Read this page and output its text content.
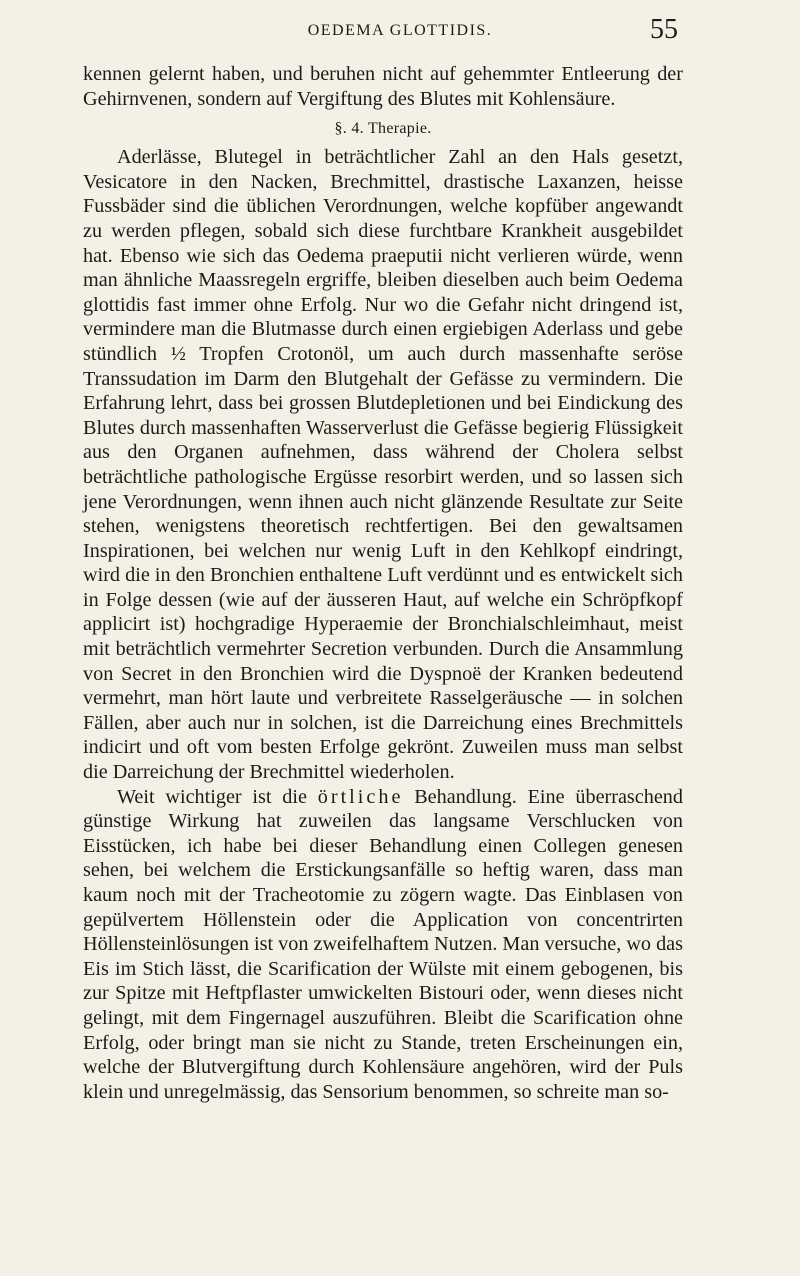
OEDEMA GLOTTIDIS.	55

kennen gelernt haben, und beruhen nicht auf gehemmter Entleerung der Gehirnvenen, sondern auf Vergiftung des Blutes mit Kohlensäure.

§. 4. Therapie.

Aderlässe, Blutegel in beträchtlicher Zahl an den Hals gesetzt, Vesicatore in den Nacken, Brechmittel, drastische Laxanzen, heisse Fussbäder sind die üblichen Verordnungen, welche kopfüber angewandt zu werden pflegen, sobald sich diese furchtbare Krankheit ausgebildet hat. Ebenso wie sich das Oedema praeputii nicht verlieren würde, wenn man ähnliche Maassregeln ergriffe, bleiben dieselben auch beim Oedema glottidis fast immer ohne Erfolg. Nur wo die Gefahr nicht dringend ist, vermindere man die Blutmasse durch einen ergiebigen Aderlass und gebe stündlich ½ Tropfen Crotonöl, um auch durch massenhafte seröse Transsudation im Darm den Blutgehalt der Gefässe zu vermindern. Die Erfahrung lehrt, dass bei grossen Blutdepletionen und bei Eindickung des Blutes durch massenhaften Wasserverlust die Gefässe begierig Flüssigkeit aus den Organen aufnehmen, dass während der Cholera selbst beträchtliche pathologische Ergüsse resorbirt werden, und so lassen sich jene Verordnungen, wenn ihnen auch nicht glänzende Resultate zur Seite stehen, wenigstens theoretisch rechtfertigen. Bei den gewaltsamen Inspirationen, bei welchen nur wenig Luft in den Kehlkopf eindringt, wird die in den Bronchien enthaltene Luft verdünnt und es entwickelt sich in Folge dessen (wie auf der äusseren Haut, auf welche ein Schröpfkopf applicirt ist) hochgradige Hyperaemie der Bronchialschleimhaut, meist mit beträchtlich vermehrter Secretion verbunden. Durch die Ansammlung von Secret in den Bronchien wird die Dyspnoë der Kranken bedeutend vermehrt, man hört laute und verbreitete Rasselgeräusche — in solchen Fällen, aber auch nur in solchen, ist die Darreichung eines Brechmittels indicirt und oft vom besten Erfolge gekrönt. Zuweilen muss man selbst die Darreichung der Brechmittel wiederholen.

Weit wichtiger ist die örtliche Behandlung. Eine überraschend günstige Wirkung hat zuweilen das langsame Verschlucken von Eisstücken, ich habe bei dieser Behandlung einen Collegen genesen sehen, bei welchem die Erstickungsanfälle so heftig waren, dass man kaum noch mit der Tracheotomie zu zögern wagte. Das Einblasen von gepülvertem Höllenstein oder die Application von concentrirten Höllensteinlösungen ist von zweifelhaftem Nutzen. Man versuche, wo das Eis im Stich lässt, die Scarification der Wülste mit einem gebogenen, bis zur Spitze mit Heftpflaster umwickelten Bistouri oder, wenn dieses nicht gelingt, mit dem Fingernagel auszuführen. Bleibt die Scarification ohne Erfolg, oder bringt man sie nicht zu Stande, treten Erscheinungen ein, welche der Blutvergiftung durch Kohlensäure angehören, wird der Puls klein und unregelmässig, das Sensorium benommen, so schreite man so-
